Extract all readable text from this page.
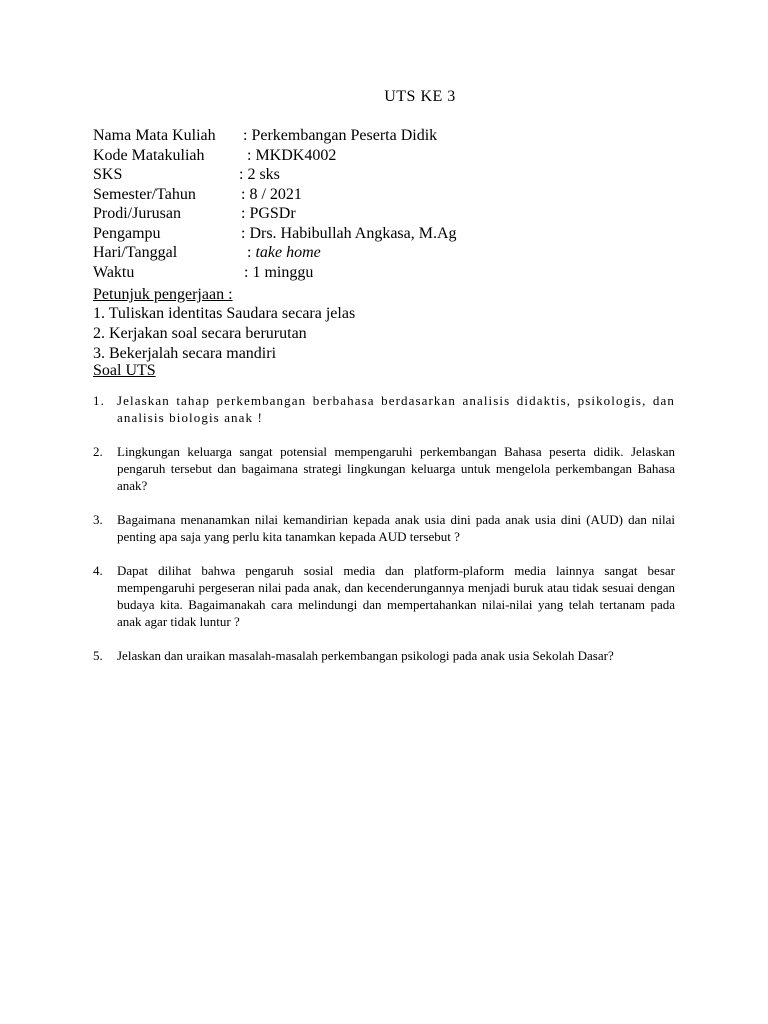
UTS KE 3
Nama Mata Kuliah : Perkembangan Peserta Didik
Kode Matakuliah	: MKDK4002
SKS	: 2 sks
Semester/Tahun	: 8 / 2021
Prodi/Jurusan	: PGSDr
Pengampu	: Drs. Habibullah Angkasa, M.Ag
Hari/Tanggal	: take home
Waktu	: 1 minggu
Petunjuk pengerjaan :
1. Tuliskan identitas Saudara secara jelas
2. Kerjakan soal secara berurutan
3. Bekerjalah secara mandiri
Soal UTS
1. Jelaskan tahap perkembangan berbahasa berdasarkan analisis didaktis, psikologis, dan analisis biologis anak !
2. Lingkungan keluarga sangat potensial mempengaruhi perkembangan Bahasa peserta didik. Jelaskan pengaruh tersebut dan bagaimana strategi lingkungan keluarga untuk mengelola perkembangan Bahasa anak?
3. Bagaimana menanamkan nilai kemandirian kepada anak usia dini pada anak usia dini (AUD) dan nilai penting apa saja yang perlu kita tanamkan kepada AUD tersebut ?
4. Dapat dilihat bahwa pengaruh sosial media dan platform-plaform media lainnya sangat besar mempengaruhi pergeseran nilai pada anak, dan kecenderungannya menjadi buruk atau tidak sesuai dengan budaya kita. Bagaimanakah cara melindungi dan mempertahankan nilai-nilai yang telah tertanam pada anak agar tidak luntur ?
5. Jelaskan dan uraikan masalah-masalah perkembangan psikologi pada anak usia Sekolah Dasar?
